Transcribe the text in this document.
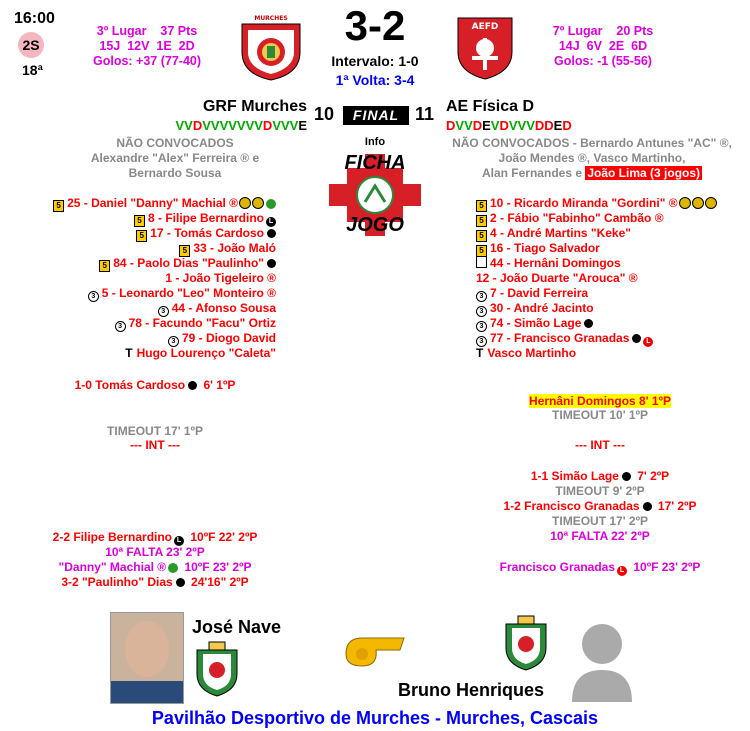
16:00
2S
18ª
3º Lugar 37 Pts
15J  12V  1E  2D
Golos: +37 (77-40)
MURCHES	3-2
Intervalo: 1-0
1ª Volta: 3-4
AEFD	7º Lugar 20 Pts
14J  6V  2E  6D
Golos: -1 (55-56)
GRF Murches 10	FINAL 11 AE Física D
VVDVVVVVVVDVVVE	DVVDEVDVVVDDED
Info
FICHA
JOGO
NÃO CONVOCADOS
Alexandre "Alex" Ferreira ® e
Bernardo Sousa
NÃO CONVOCADOS - Bernardo Antunes "AC" ®,
João Mendes ®, Vasco Martinho,
Alan Fernandes e João Lima (3 jogos)
5 25 - Daniel "Danny" Machial ®
5 8 - Filipe Bernardino L
5 17 - Tomás Cardoso
5 33 - João Maló
5 84 - Paolo Dias "Paulinho"
1 - João Tigeleiro ®
3 5 - Leonardo "Leo" Monteiro ®
3 44 - Afonso Sousa
3 78 - Facundo "Facu" Ortiz
3 79 - Diogo David
T Hugo Lourenço "Caleta"
5 10 - Ricardo Miranda "Gordini" ®
5 2 - Fábio "Fabinho" Cambão ®
5 4 - André Martins "Keke"
5 16 - Tiago Salvador
44 - Hernâni Domingos
12 - João Duarte "Arouca" ®
3 7 - David Ferreira
3 30 - André Jacinto
3 74 - Simão Lage
3 77 - Francisco Granadas L
T Vasco Martinho
1-0 Tomás Cardoso 6' 1ºP
TIMEOUT 17' 1ºP
--- INT ---
2-2 Filipe Bernardino L 10ºF 22' 2ºP
10ª FALTA 23' 2ºP
"Danny" Machial ® 10ºF 23' 2ºP
3-2 "Paulinho" Dias 24'16" 2ºP
Hernâni Domingos 8' 1ºP
TIMEOUT 10' 1ºP
--- INT ---
1-1 Simão Lage 7' 2ºP
TIMEOUT 9' 2ºP
1-2 Francisco Granadas 17' 2ºP
TIMEOUT 17' 2ºP
10ª FALTA 22' 2ºP
Francisco Granadas L 10ºF 23' 2ºP
José Nave
Bruno Henriques
Pavilhão Desportivo de Murches - Murches, Cascais
